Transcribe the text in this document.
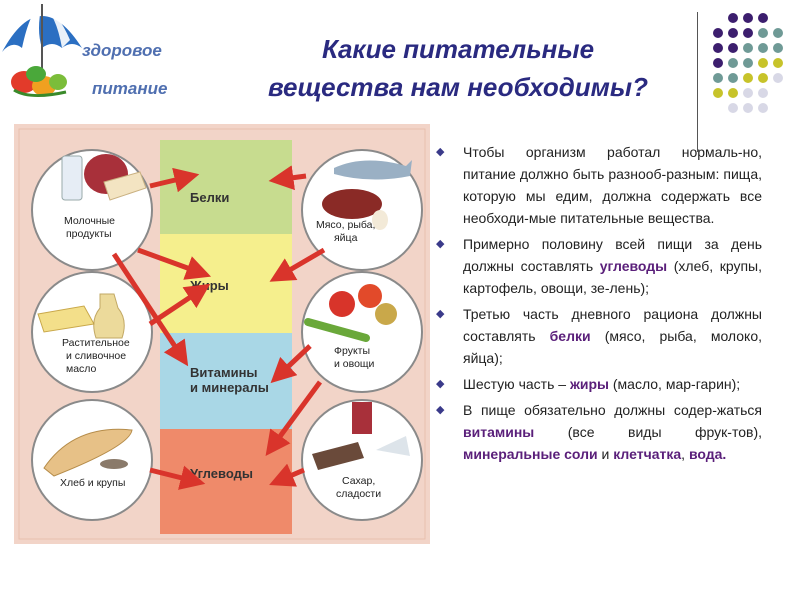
здоровое
питание
Какие питательные
вещества нам необходимы?
Белки
Жиры
Витамины
и минералы
Углеводы
Молочные
продукты
Мясо, рыба,
яйца
Растительное
и сливочное
масло
Фрукты
и овощи
Хлеб и крупы	Сахар,
сладости
◆ Чтобы организм работал нормаль-но, питание должно быть разнооб-разным: пища, которую мы едим, должна содержать все необходи-мые питательные вещества.
◆ Примерно половину всей пищи за день должны составлять углеводы (хлеб, крупы, картофель, овощи, зе-лень);
◆ Третью часть дневного рациона должны составлять белки (мясо, рыба, молоко, яйца);
◆ Шестую часть – жиры (масло, мар-гарин);
◆ В пище обязательно должны содер-жаться витамины (все виды фрук-тов), минеральные соли и клетчатка, вода.
